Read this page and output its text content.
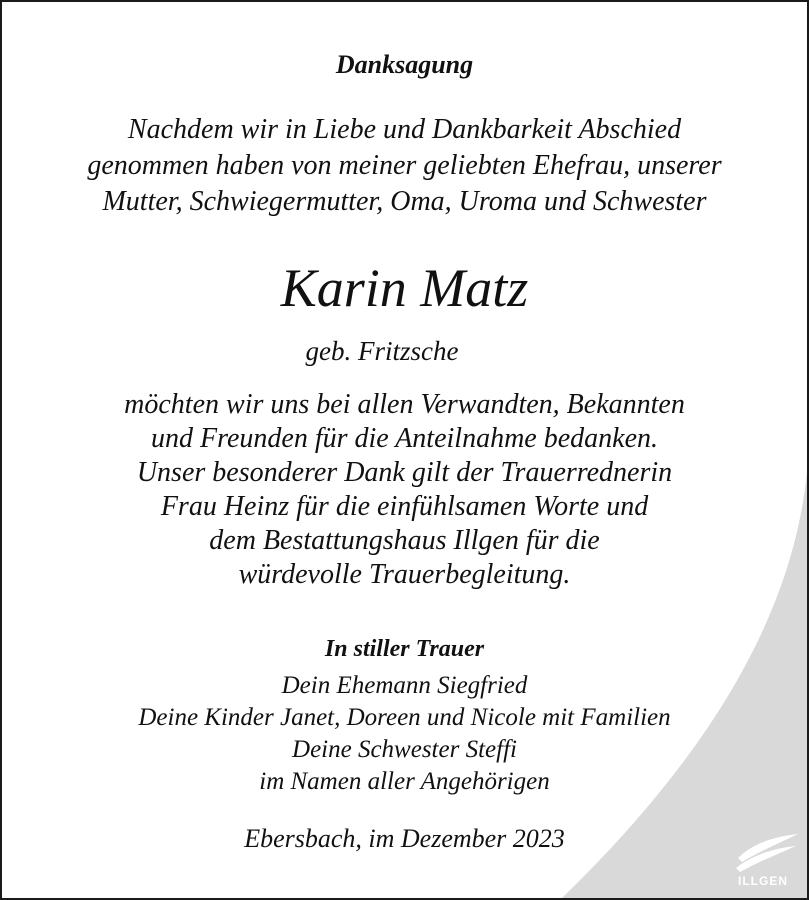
Danksagung
Nachdem wir in Liebe und Dankbarkeit Abschied
genommen haben von meiner geliebten Ehefrau, unserer
Mutter, Schwiegermutter, Oma, Uroma und Schwester
Karin Matz
geb. Fritzsche
möchten wir uns bei allen Verwandten, Bekannten
und Freunden für die Anteilnahme bedanken.
Unser besonderer Dank gilt der Trauerrednerin
Frau Heinz für die einfühlsamen Worte und
dem Bestattungshaus Illgen für die
würdevolle Trauerbegleitung.
In stiller Trauer
Dein Ehemann Siegfried
Deine Kinder Janet, Doreen und Nicole mit Familien
Deine Schwester Steffi
im Namen aller Angehörigen
Ebersbach, im Dezember 2023
ILLGEN
